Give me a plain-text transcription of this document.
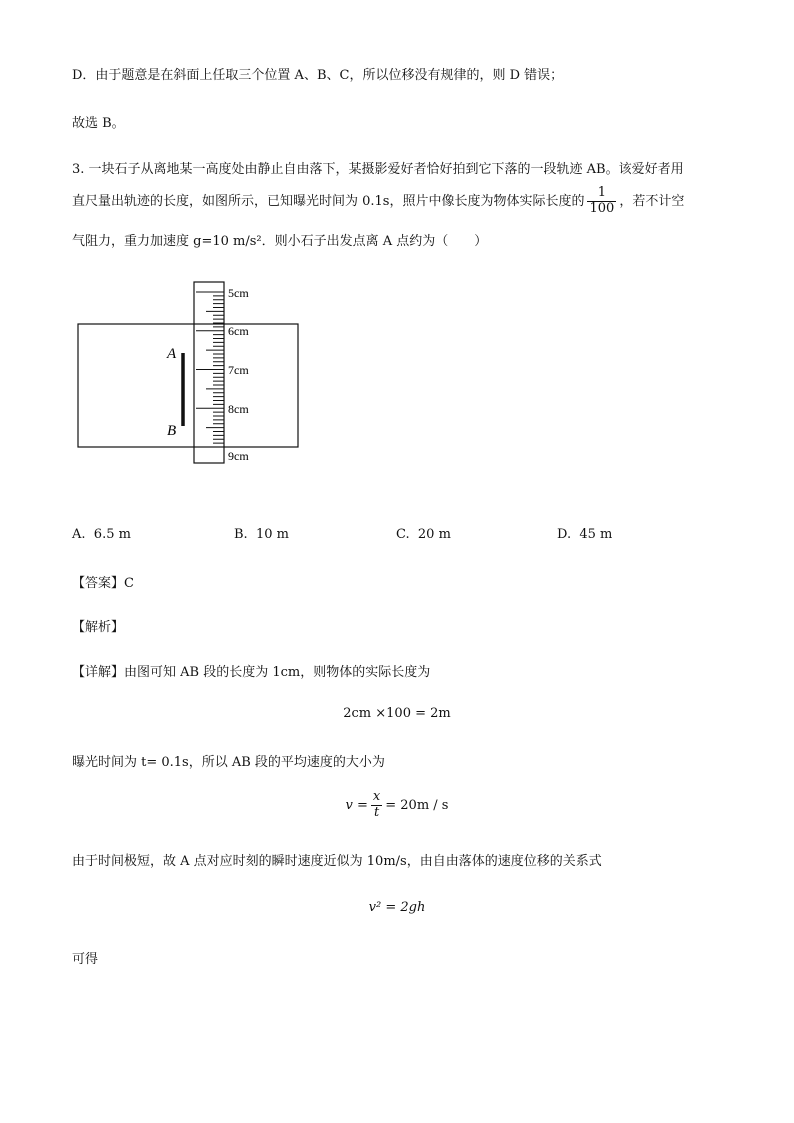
D．由于题意是在斜面上任取三个位置 A、B、C，所以位移没有规律的，则 D 错误；
故选 B。
3. 一块石子从离地某一高度处由静止自由落下，某摄影爱好者恰好拍到它下落的一段轨迹 AB。该爱好者用
直尺量出轨迹的长度，如图所示，已知曝光时间为 0.1s，照片中像长度为物体实际长度的 $\frac{1}{100}$ ，若不计空
气阻力，重力加速度 g=10 m/s²．则小石子出发点离 A 点约为（　　）
5cm
6cm
7cm
8cm
9cm
A
B
A. 6.5 m	B. 10 m	C. 20 m	D. 45 m
【答案】C
【解析】
【详解】由图可知 AB 段的长度为 1cm，则物体的实际长度为
2cm ×100 = 2m
曝光时间为 t= 0.1s，所以 AB 段的平均速度的大小为
$v = \frac{x}{t} = 20m / s$
由于时间极短，故 A 点对应时刻的瞬时速度近似为 10m/s，由自由落体的速度位移的关系式
v² = 2gh
可得
